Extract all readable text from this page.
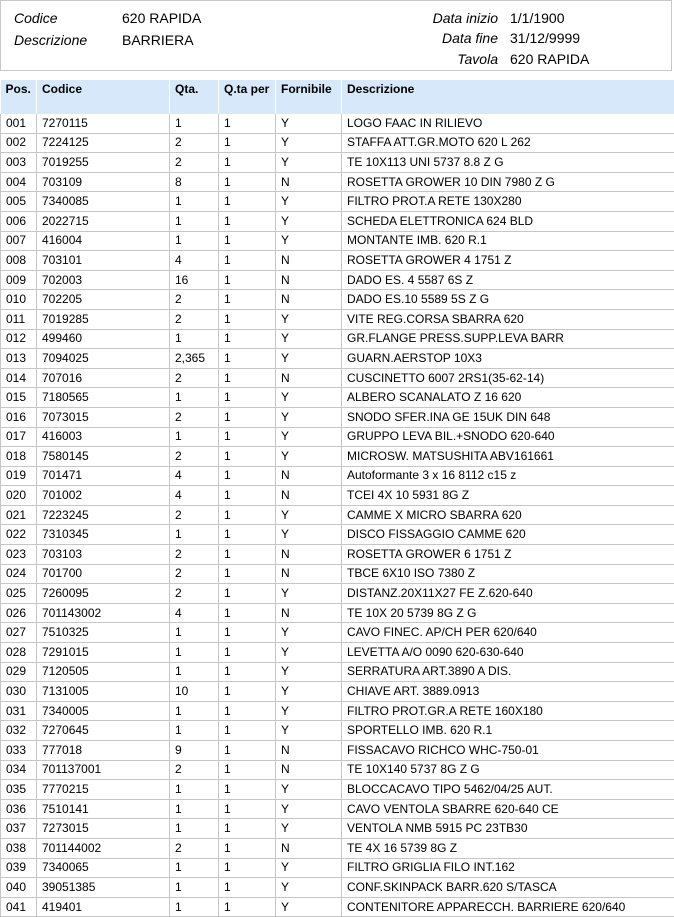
Codice	620 RAPIDA
Descrizione BARRIERA
Data inizio 1/1/1900
Data fine 31/12/9999
Tavola 620 RAPIDA
Pos.	Codice	Qta.	Q.ta per	Fornibile	Descrizione
001	7270115	1	1	Y	LOGO FAAC IN RILIEVO
002	7224125	2	1	Y	STAFFA ATT.GR.MOTO 620 L 262
003	7019255	2	1	Y	TE 10X113 UNI 5737 8.8 Z G
004	703109	8	1	N	ROSETTA GROWER 10 DIN 7980 Z G
005	7340085	1	1	Y	FILTRO PROT.A RETE 130X280
006	2022715	1	1	Y	SCHEDA ELETTRONICA 624 BLD
007	416004	1	1	Y	MONTANTE IMB. 620 R.1
008	703101	4	1	N	ROSETTA GROWER 4 1751 Z
009	702003	16	1	N	DADO ES. 4 5587 6S Z
010	702205	2	1	N	DADO ES.10 5589 5S Z G
011	7019285	2	1	Y	VITE REG.CORSA SBARRA 620
012	499460	1	1	Y	GR.FLANGE PRESS.SUPP.LEVA BARR
013	7094025	2,365	1	Y	GUARN.AERSTOP 10X3
014	707016	2	1	N	CUSCINETTO 6007 2RS1(35-62-14)
015	7180565	1	1	Y	ALBERO SCANALATO Z 16 620
016	7073015	2	1	Y	SNODO SFER.INA GE 15UK DIN 648
017	416003	1	1	Y	GRUPPO LEVA BIL.+SNODO 620-640
018	7580145	2	1	Y	MICROSW. MATSUSHITA ABV161661
019	701471	4	1	N	Autoformante 3 x 16 8112 c15 z
020	701002	4	1	N	TCEI 4X 10 5931 8G Z
021	7223245	2	1	Y	CAMME X MICRO SBARRA 620
022	7310345	1	1	Y	DISCO FISSAGGIO CAMME 620
023	703103	2	1	N	ROSETTA GROWER 6 1751 Z
024	701700	2	1	N	TBCE 6X10 ISO 7380 Z
025	7260095	2	1	Y	DISTANZ.20X11X27 FE Z.620-640
026	701143002	4	1	N	TE 10X 20 5739 8G Z G
027	7510325	1	1	Y	CAVO FINEC. AP/CH PER 620/640
028	7291015	1	1	Y	LEVETTA A/O 0090 620-630-640
029	7120505	1	1	Y	SERRATURA ART.3890 A DIS.
030	7131005	10	1	Y	CHIAVE ART. 3889.0913
031	7340005	1	1	Y	FILTRO PROT.GR.A RETE 160X180
032	7270645	1	1	Y	SPORTELLO IMB. 620 R.1
033	777018	9	1	N	FISSACAVO RICHCO WHC-750-01
034	701137001	2	1	N	TE 10X140 5737 8G Z G
035	7770215	1	1	Y	BLOCCACAVO TIPO 5462/04/25 AUT.
036	7510141	1	1	Y	CAVO VENTOLA SBARRE 620-640 CE
037	7273015	1	1	Y	VENTOLA NMB 5915 PC 23TB30
038	701144002	2	1	N	TE 4X 16 5739 8G Z
039	7340065	1	1	Y	FILTRO GRIGLIA FILO INT.162
040	39051385	1	1	Y	CONF.SKINPACK BARR.620 S/TASCA
041	419401	1	1	Y	CONTENITORE APPARECCH. BARRIERE 620/640
